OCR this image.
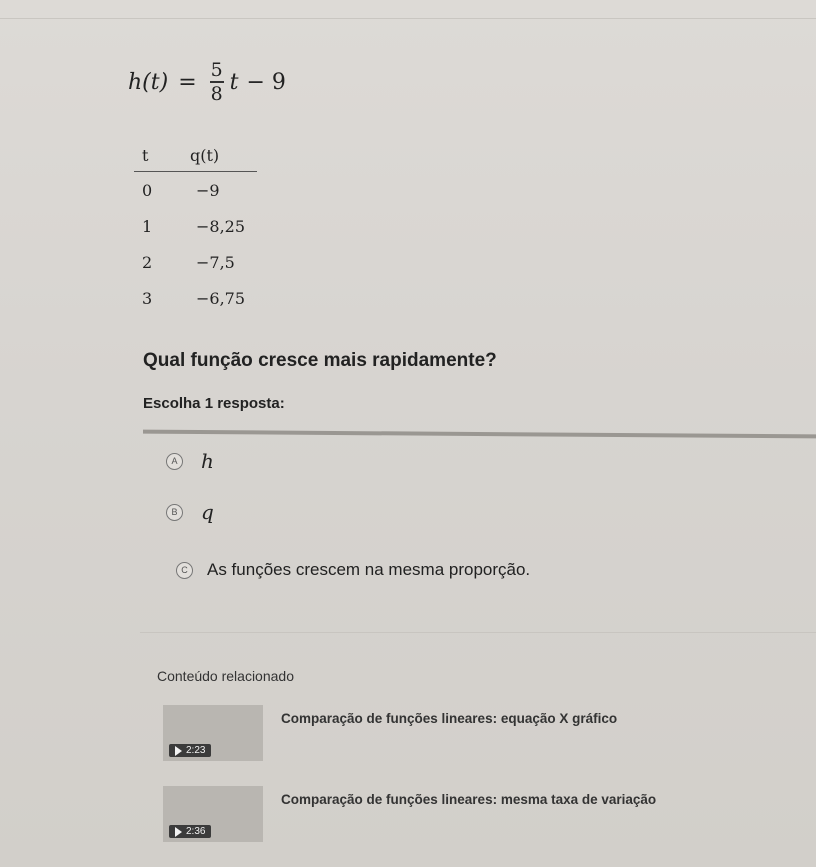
$h(t) = \frac{5}{8}$ t − 9
t	q(t)
0	−9
1	−8,25
2	−7,5
3	−6,75
Qual função cresce mais rapidamente?
Escolha 1 resposta:
A h
B q
C	As funções crescem na mesma proporção.
Conteúdo relacionado
2:23
Comparação de funções lineares: equação X gráfico
2:36
Comparação de funções lineares: mesma taxa de variação
